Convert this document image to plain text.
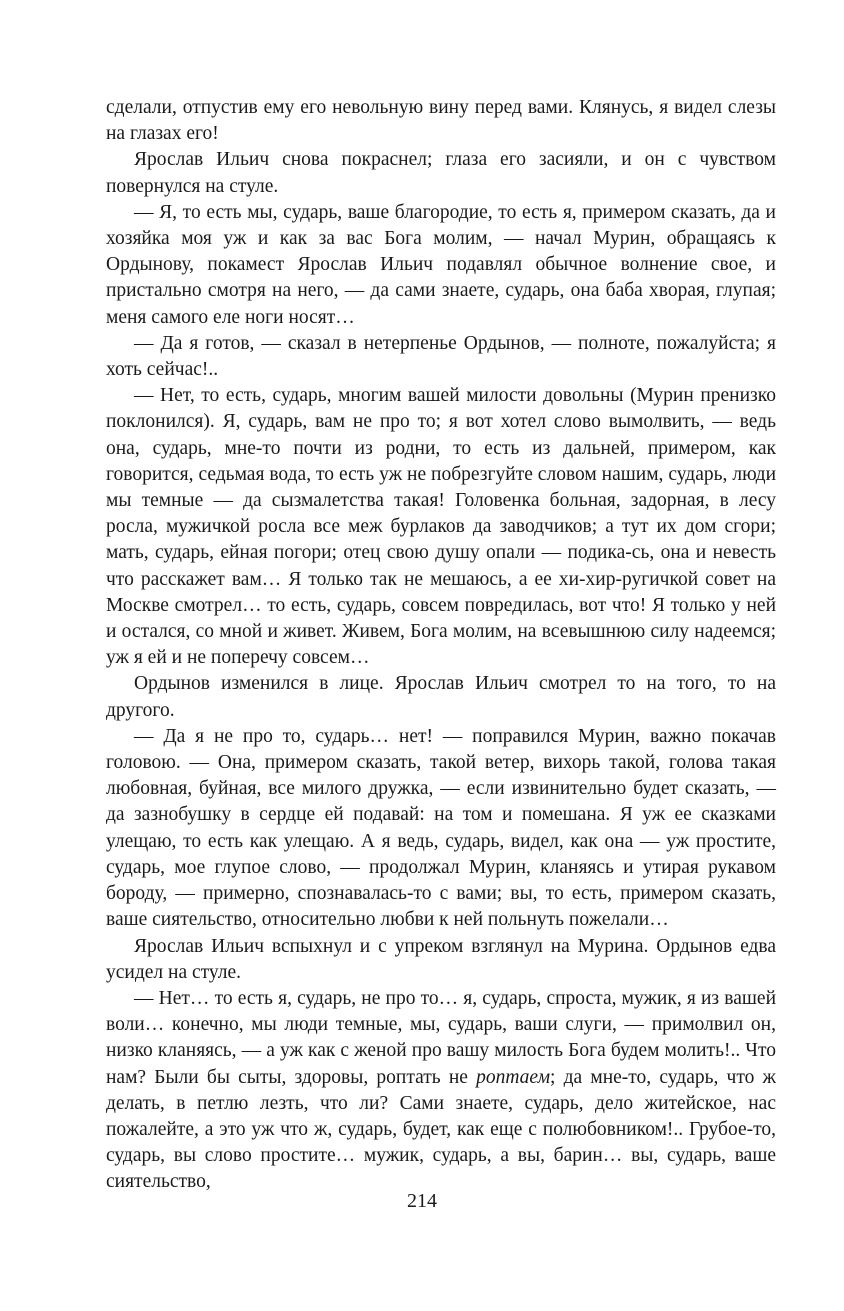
сделали, отпустив ему его невольную вину перед вами. Клянусь, я видел слезы на глазах его!

Ярослав Ильич снова покраснел; глаза его засияли, и он с чувством повернулся на стуле.

— Я, то есть мы, сударь, ваше благородие, то есть я, примером сказать, да и хозяйка моя уж и как за вас Бога молим, — начал Мурин, обращаясь к Ордынову, покамест Ярослав Ильич подавлял обычное волнение свое, и пристально смотря на него, — да сами знаете, сударь, она баба хворая, глупая; меня самого еле ноги носят…

— Да я готов, — сказал в нетерпенье Ордынов, — полноте, пожалуйста; я хоть сейчас!..

— Нет, то есть, сударь, многим вашей милости довольны (Мурин пренизко поклонился). Я, сударь, вам не про то; я вот хотел слово вымолвить, — ведь она, сударь, мне-то почти из родни, то есть из дальней, примером, как говорится, седьмая вода, то есть уж не побрезгуйте словом нашим, сударь, люди мы темные — да сызмалетства такая! Головенка больная, задорная, в лесу росла, мужичкой росла все меж бурлаков да заводчиков; а тут их дом сгори; мать, сударь, ейная погори; отец свою душу опали — подика-сь, она и невесть что расскажет вам… Я только так не мешаюсь, а ее хи-хир-ругичкой совет на Москве смотрел… то есть, сударь, совсем повредилась, вот что! Я только у ней и остался, со мной и живет. Живем, Бога молим, на всевышнюю силу надеемся; уж я ей и не поперечу совсем…

Ордынов изменился в лице. Ярослав Ильич смотрел то на того, то на другого.

— Да я не про то, сударь… нет! — поправился Мурин, важно покачав головою. — Она, примером сказать, такой ветер, вихорь такой, голова такая любовная, буйная, все милого дружка, — если извинительно будет сказать, — да зазнобушку в сердце ей подавай: на том и помешана. Я уж ее сказками улещаю, то есть как улещаю. А я ведь, сударь, видел, как она — уж простите, сударь, мое глупое слово, — продолжал Мурин, кланяясь и утирая рукавом бороду, — примерно, спознавалась-то с вами; вы, то есть, примером сказать, ваше сиятельство, относительно любви к ней польнуть пожелали…

Ярослав Ильич вспыхнул и с упреком взглянул на Мурина. Ордынов едва усидел на стуле.

— Нет… то есть я, сударь, не про то… я, сударь, спроста, мужик, я из вашей воли… конечно, мы люди темные, мы, сударь, ваши слуги, — примолвил он, низко кланяясь, — а уж как с женой про вашу милость Бога будем молить!.. Что нам? Были бы сыты, здоровы, роптать не роптаем; да мне-то, сударь, что ж делать, в петлю лезть, что ли? Сами знаете, сударь, дело житейское, нас пожалейте, а это уж что ж, сударь, будет, как еще с полюбовником!.. Грубое-то, сударь, вы слово простите… мужик, сударь, а вы, барин… вы, сударь, ваше сиятельство,

214
